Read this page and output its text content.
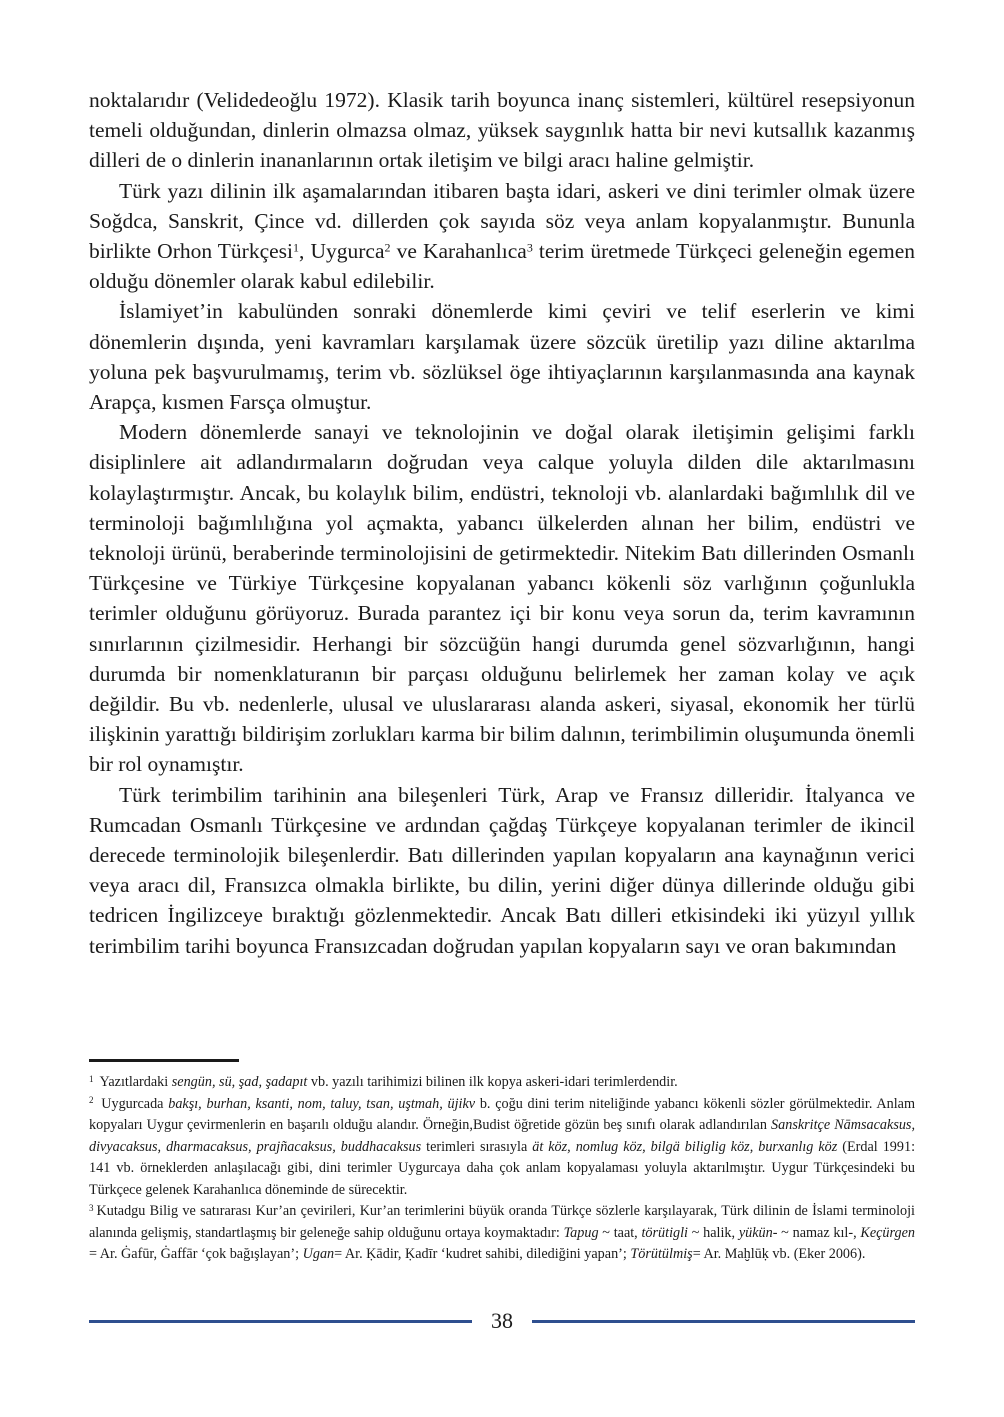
noktalarıdır (Velidedeoğlu 1972). Klasik tarih boyunca inanç sistemleri, kültürel resepsiyonun temeli olduğundan, dinlerin olmazsa olmaz, yüksek saygınlık hatta bir nevi kutsallık kazanmış dilleri de o dinlerin inananlarının ortak iletişim ve bilgi aracı haline gelmiştir.

Türk yazı dilinin ilk aşamalarından itibaren başta idari, askeri ve dini terimler olmak üzere Soğdca, Sanskrit, Çince vd. dillerden çok sayıda söz veya anlam kopyalanmıştır. Bununla birlikte Orhon Türkçesi$^1$, Uygurca$^2$ ve Karahanlıca$^3$ terim üretmede Türkçeci geleneğin egemen olduğu dönemler olarak kabul edilebilir.

İslamiyet’in kabulünden sonraki dönemlerde kimi çeviri ve telif eserlerin ve kimi dönemlerin dışında, yeni kavramları karşılamak üzere sözcük üretilip yazı diline aktarılma yoluna pek başvurulmamış, terim vb. sözlüksel öge ihtiyaçlarının karşılanmasında ana kaynak Arapça, kısmen Farsça olmuştur.

Modern dönemlerde sanayi ve teknolojinin ve doğal olarak iletişimin gelişimi farklı disiplinlere ait adlandırmaların doğrudan veya calque yoluyla dilden dile aktarılmasını kolaylaştırmıştır. Ancak, bu kolaylık bilim, endüstri, teknoloji vb. alanlardaki bağımlılık dil ve terminoloji bağımlılığına yol açmakta, yabancı ülkelerden alınan her bilim, endüstri ve teknoloji ürünü, beraberinde terminolojisini de getirmektedir. Nitekim Batı dillerinden Osmanlı Türkçesine ve Türkiye Türkçesine kopyalanan yabancı kökenli söz varlığının çoğunlukla terimler olduğunu görüyoruz. Burada parantez içi bir konu veya sorun da, terim kavramının sınırlarının çizilmesidir. Herhangi bir sözcüğün hangi durumda genel sözvarlığının, hangi durumda bir nomenklaturanın bir parçası olduğunu belirlemek her zaman kolay ve açık değildir. Bu vb. nedenlerle, ulusal ve uluslararası alanda askeri, siyasal, ekonomik her türlü ilişkinin yarattığı bildirişim zorlukları karma bir bilim dalının, terimbilimin oluşumunda önemli bir rol oynamıştır.

Türk terimbilim tarihinin ana bileşenleri Türk, Arap ve Fransız dilleridir. İtalyanca ve Rumcadan Osmanlı Türkçesine ve ardından çağdaş Türkçeye kopyalanan terimler de ikincil derecede terminolojik bileşenlerdir. Batı dillerinden yapılan kopyaların ana kaynağının verici veya aracı dil, Fransızca olmakla birlikte, bu dilin, yerini diğer dünya dillerinde olduğu gibi tedricen İngilizceye bıraktığı gözlenmektedir. Ancak Batı dilleri etkisindeki iki yüzyıl yıllık terimbilim tarihi boyunca Fransızcadan doğrudan yapılan kopyaların sayı ve oran bakımından

$^1$ Yazıtlardaki sengün, sü, şad, şadapıt vb. yazılı tarihimizi bilinen ilk kopya askeri-idari terimlerdendir.

$^2$ Uygurcada bakşı, burhan, ksanti, nom, taluy, tsan, uştmah, üjikv b. çoğu dini terim niteliğinde yabancı kökenli sözler görülmektedir. Anlam kopyaları Uygur çevirmenlerin en başarılı olduğu alandır. Örneğin,Budist öğretide gözün beş sınıfı olarak adlandırılan Sanskritçe Nāmsacaksus, divyacaksus, dharmacaksus, prajñacaksus, buddhacaksus terimleri sırasıyla ät köz, nomlug köz, bilgä biliglig köz, burxanlıg köz (Erdal 1991: 141 vb. örneklerden anlaşılacağı gibi, dini terimler Uygurcaya daha çok anlam kopyalaması yoluyla aktarılmıştır. Uygur Türkçesindeki bu Türkçece gelenek Karahanlıca döneminde de sürecektir.

$^3$ Kutadgu Bilig ve satırarası Kur’an çevirileri, Kur’an terimlerini büyük oranda Türkçe sözlerle karşılayarak, Türk dilinin de İslami terminoloji alanında gelişmiş, standartlaşmış bir geleneğe sahip olduğunu ortaya koymaktadır: Tapug ~ taat, törütigli ~ halik, yükün- ~ namaz kıl-, Keçürgen = Ar. Ġafūr, Ġaffār ‘çok bağışlayan’; Ugan= Ar. Ḳādir, Ḳadīr ‘kudret sahibi, dilediğini yapan’; Törütülmiş= Ar. Maḫlūḳ vb. (Eker 2006).

38
